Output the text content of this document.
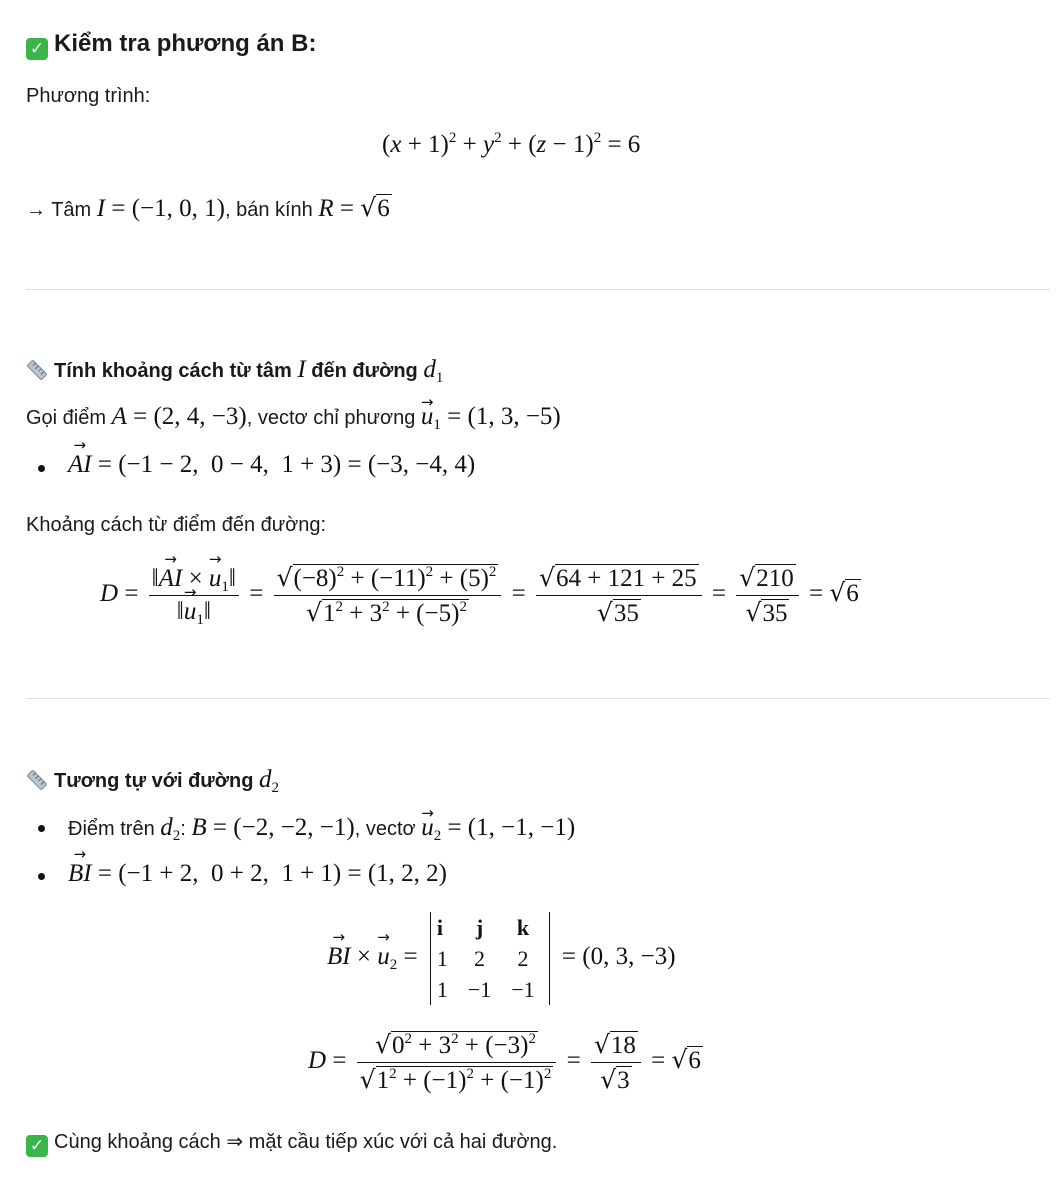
✓ Kiểm tra phương án B:
Phương trình:
$(x + 1)^2 + y^2 + (z - 1)^2 = 6$
→ Tâm I = (−1, 0, 1), bán kính R = √6
Tính khoảng cách từ tâm I đến đường $d_1$
Gọi điểm A = (2, 4, −3), vectơ chỉ phương → $u_1 = (1$, 3, −5)
→ AI = (−1 − 2,  0 − 4,  1 + 3) = (−3, −4, 4)
Khoảng cách từ điểm đến đường:
$D = \frac{‖\to AI \times \to u_1‖}{‖\to u_1‖} = \frac{√(-8)^2 + (-11)^2 + (5)^2}{√1^2 + 3^2 + (-5)^2} = \frac{√64 + 121 + 25}{√35} = \frac{√210}{√35} = √6$
Tương tự với đường $d_2$
Điểm trên $d_2$: B = (−2, −2, −1), vectơ → $u_2 = (1$, −1, −1)
→ BI = (−1 + 2,  0 + 2,  1 + 1) = (1, 2, 2)
→ BI × → $u_2$ =
i	j	k
1	2	2
1	−1	−1
= (0, 3, −3)
$D = \frac{√0^2 + 3^2 + (-3)^2}{√1^2 + (-1)^2 + (-1)^2} = \frac{√18}{√3} = √6$
✓ Cùng khoảng cách ⇒ mặt cầu tiếp xúc với cả hai đường.
